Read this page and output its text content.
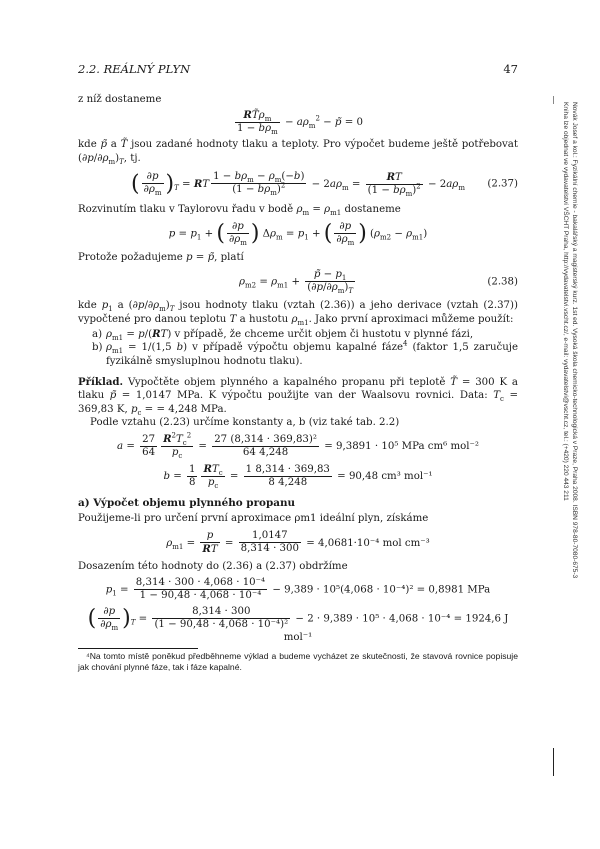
2.2. REÁLNÝ PLYN	47

z níž dostaneme

$\frac{RT̃\rho_m}{1 - b\rho_m} - a\rho_m^2$ − p̃ = 0

kde p̃ a T̃ jsou zadané hodnoty tlaku a teploty. Pro výpočet budeme ještě potřebovat $(\partial p/\partial\rho_m)_T$, tj.

( $\frac{\partial p}{\partial\rho_m} )_T$ = RT $\frac{1 - b\rho_m - \rho_m(-b)}{(1 - b\rho_m)^2} - 2a\rho_m = \frac{RT}{(1 - b\rho_m)^2} - 2a\rho_m$ (2.37)

Rozvinutím tlaku v Taylorovu řadu v bodě $\rho_m = \rho_{m1}$ dostaneme

$p = p_1$ + ( $\frac{\partial p}{\partial\rho_m}$ ) $\Delta\rho_m = p_1$ + ( $\frac{\partial p}{\partial\rho_m}$ ) $(\rho_{m2} - \rho_{m1})$

Protože požadujeme p = p̃, platí

$\rho_{m2} = \rho_{m1} + \frac{p̃ - p_1}{(\partial p/\partial\rho_m)_T}$	(2.38)

kde $p_1$ a $(\partial p/\partial\rho_m)_T$ jsou hodnoty tlaku (vztah (2.36)) a jeho derivace (vztah (2.37)) vypočtené pro danou teplotu T a hustotu $\rho_{m1}$. Jako první aproximaci můžeme použít:

a) $\rho_{m1} = p/(RT)$ v případě, že chceme určit objem či hustotu v plynné fázi,
b) $\rho_{m1} = 1/(1,5$ b) v případě výpočtu objemu kapalné fáze$^4$ (faktor 1,5 zaručuje fyzikálně smysluplnou hodnotu tlaku).

Příklad. Vypočtěte objem plynného a kapalného propanu při teplotě T̃ = 300 K a tlaku p̃ = 1,0147 MPa. K výpočtu použijte van der Waalsovu rovnici. Data: $T_c = 369,83$ K, $p_c$ = = 4,248 MPa.

Podle vztahu (2.23) určíme konstanty a, b (viz také tab. 2.2)

$a = \frac{27}{64} \frac{R^2T_c^2}{p_c} = \frac{\text{27 (8,314 · 369,83)²}}{64 4,248} = 9,3891 \cdot 10^5$ MPa cm⁶ mol⁻²
$b = \frac{1}{8} \frac{RT_c}{p_c} = \frac{1 8,314 \cdot 369,83}{8 4,248} = 90,48$ cm³ mol⁻¹
a) Výpočet objemu plynného propanu

Použijeme-li pro určení první aproximace ρm1 ideální plyn, získáme

$\rho_{m1} = \frac{p}{RT} = \frac{1,0147}{8,314 \cdot 300} = 4,0681\cdot 10^{-4}$ mol cm⁻³

Dosazením této hodnoty do (2.36) a (2.37) obdržíme

$p_1 = \frac{\text{8,314 · 300 · 4,068 · 10⁻⁴}}{\text{1 − 90,48 · 4,068 · 10⁻⁴}} - 9,389 \cdot 10^5(4,068 \cdot 10^{-4})^2 = 0,8981$ MPa
( $\frac{\partial p}{\partial\rho_m} )_T = \frac{8,314 \cdot 300}{\text{(1 − 90,48 · 4,068 · 10⁻⁴)²}} - 2 \cdot 9,389 \cdot 10^5 \cdot 4,068 \cdot 10^{-4} = 1924,6$ J mol⁻¹

⁴Na tomto místě poněkud předběhneme výklad a budeme vycházet ze skutečnosti, že stavová rovnice popisuje jak chování plynné fáze, tak i fáze kapalné.

Novák Josef a kol.: Fyzikální chemie - bakalářský a magisterský kurz. 1st ed. Vysoká škola chemicko-technologická v Praze, Praha 2008. ISBN 978-80-7080-675-3
Kniha lze objednat ve vydavatelství VŠCHT Praha, http://vydavatelstvi.vscht.cz/, e-mail: vydavatelstvi@vscht.cz, tel.: (+420) 220 443 211
